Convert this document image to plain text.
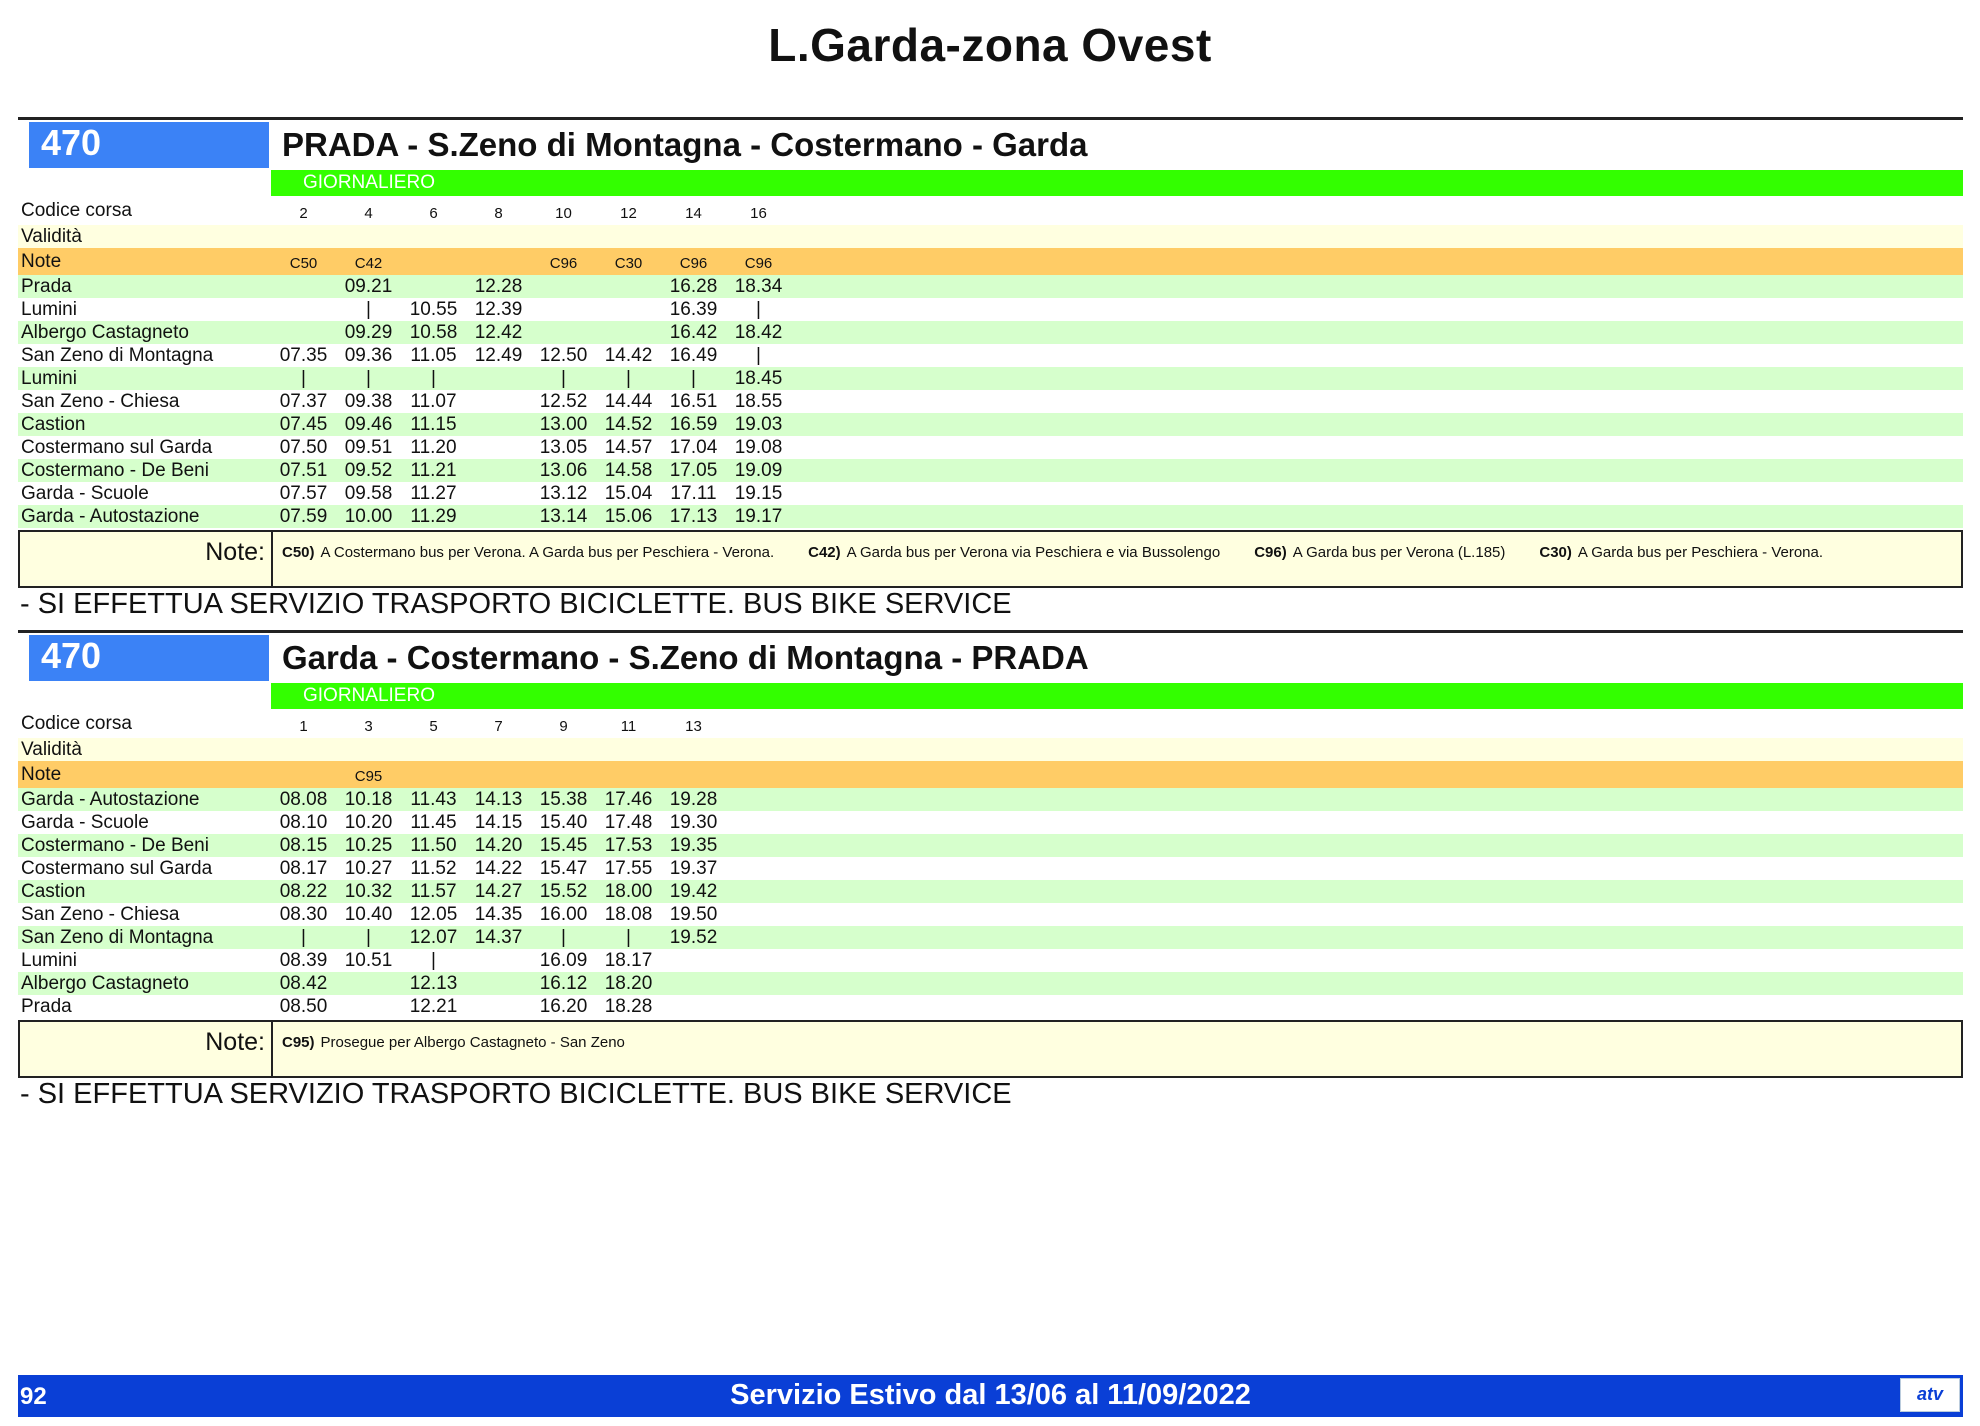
L.Garda-zona Ovest
470	PRADA - S.Zeno di Montagna - Costermano - Garda
GIORNALIERO
Codice corsa	2	4	6	8	10	12	14	16	
Validità									
Note	C50	C42			C96	C30	C96	C96	
Prada		09.21		12.28			16.28	18.34	
Lumini		|	10.55	12.39			16.39	|	
Albergo Castagneto		09.29	10.58	12.42			16.42	18.42	
San Zeno di Montagna	07.35	09.36	11.05	12.49	12.50	14.42	16.49	|	
Lumini	|	|	|		|	|	|	18.45	
San Zeno - Chiesa	07.37	09.38	11.07		12.52	14.44	16.51	18.55	
Castion	07.45	09.46	11.15		13.00	14.52	16.59	19.03	
Costermano sul Garda	07.50	09.51	11.20		13.05	14.57	17.04	19.08	
Costermano - De Beni	07.51	09.52	11.21		13.06	14.58	17.05	19.09	
Garda - Scuole	07.57	09.58	11.27		13.12	15.04	17.11	19.15	
Garda - Autostazione	07.59	10.00	11.29		13.14	15.06	17.13	19.17	
Note:	C50) A Costermano bus per Verona. A Garda bus per Peschiera - Verona. C42) A Garda bus per Verona via Peschiera e via Bussolengo C96) A Garda bus per Verona (L.185) C30) A Garda bus per Peschiera - Verona.
- SI EFFETTUA SERVIZIO TRASPORTO BICICLETTE. BUS BIKE SERVICE
470	Garda - Costermano - S.Zeno di Montagna - PRADA
GIORNALIERO
Codice corsa	1	3	5	7	9	11	13		
Validità									
Note		C95							
Garda - Autostazione	08.08	10.18	11.43	14.13	15.38	17.46	19.28		
Garda - Scuole	08.10	10.20	11.45	14.15	15.40	17.48	19.30		
Costermano - De Beni	08.15	10.25	11.50	14.20	15.45	17.53	19.35		
Costermano sul Garda	08.17	10.27	11.52	14.22	15.47	17.55	19.37		
Castion	08.22	10.32	11.57	14.27	15.52	18.00	19.42		
San Zeno - Chiesa	08.30	10.40	12.05	14.35	16.00	18.08	19.50		
San Zeno di Montagna	|	|	12.07	14.37	|	|	19.52		
Lumini	08.39	10.51	|		16.09	18.17			
Albergo Castagneto	08.42		12.13		16.12	18.20			
Prada	08.50		12.21		16.20	18.28			
Note:	C95) Prosegue per Albergo Castagneto - San Zeno
- SI EFFETTUA SERVIZIO TRASPORTO BICICLETTE. BUS BIKE SERVICE
92	Servizio Estivo dal 13/06 al 11/09/2022	atv
